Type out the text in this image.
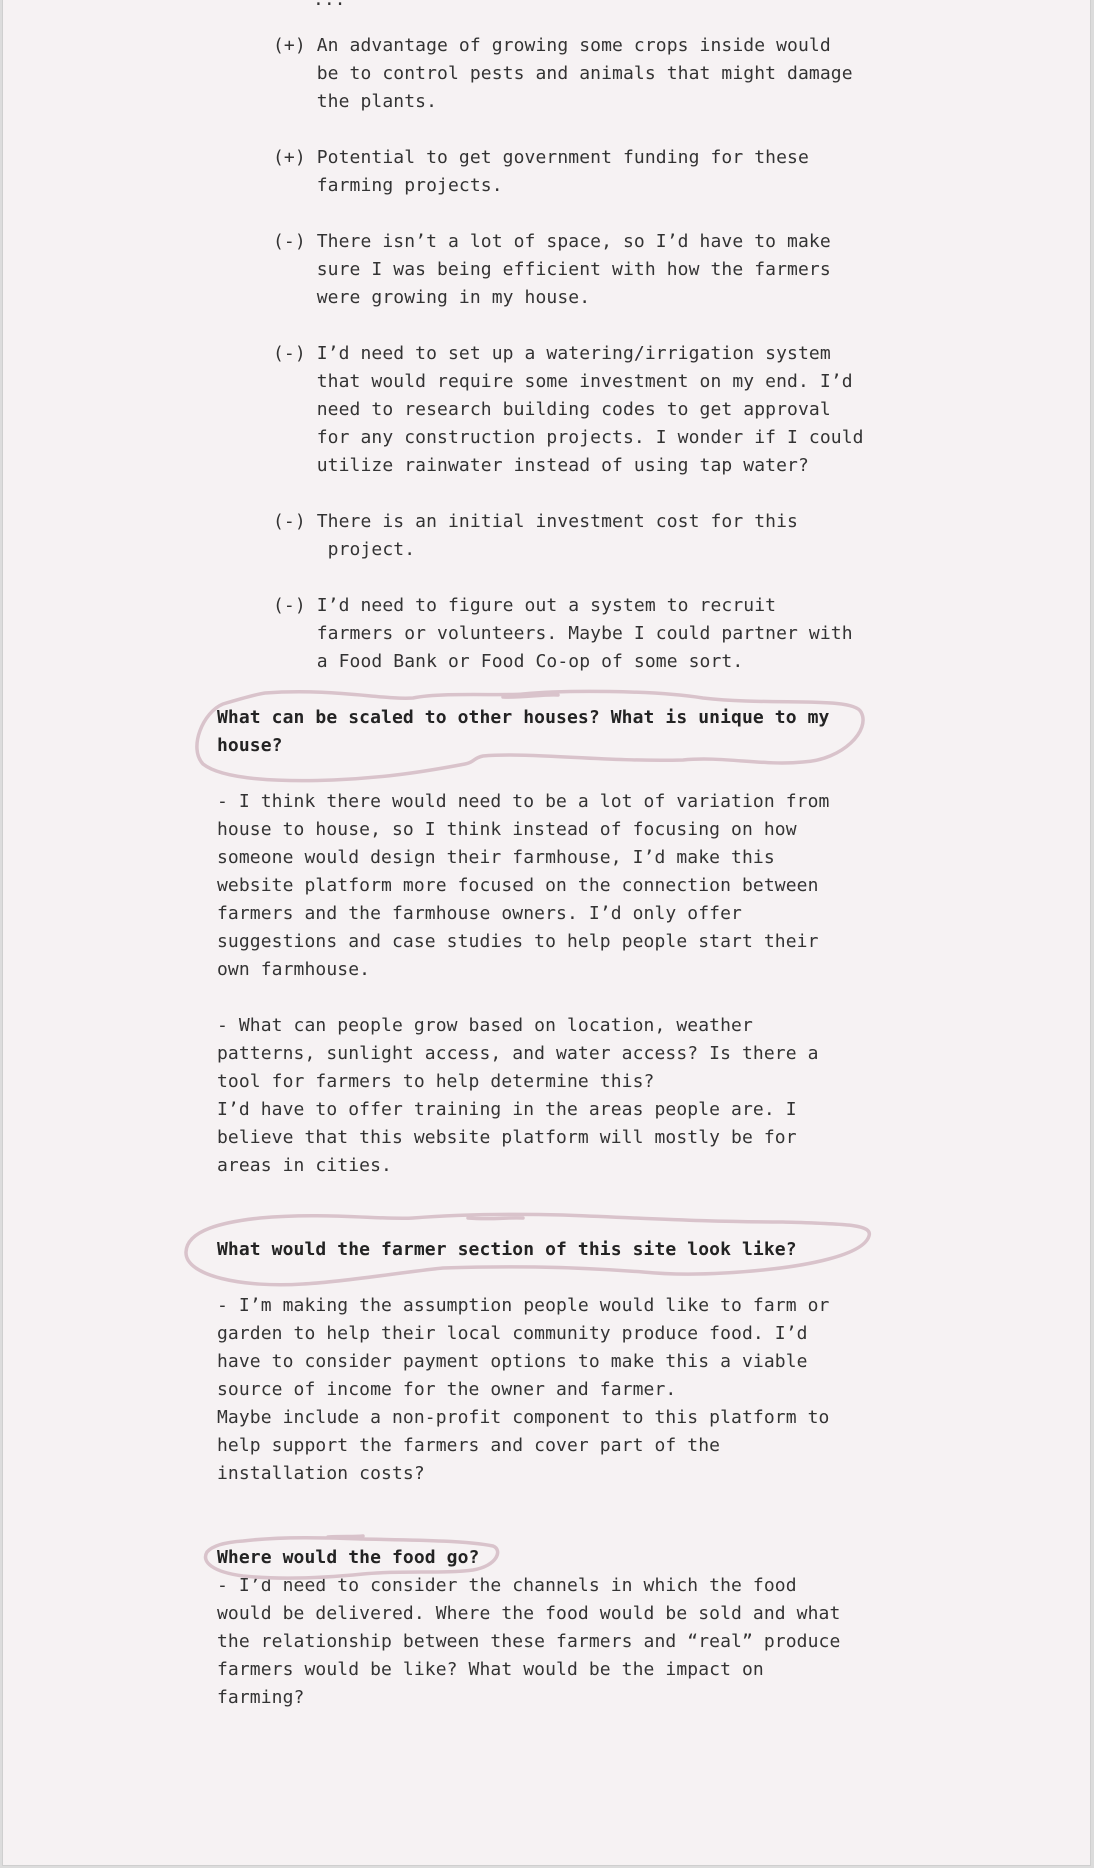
(+) An advantage of growing some crops inside would
be to control pests and animals that might damage
the plants.

(+) Potential to get government funding for these
farming projects.

(-) There isn’t a lot of space, so I’d have to make
sure I was being efficient with how the farmers
were growing in my house.

(-) I’d need to set up a watering/irrigation system
that would require some investment on my end. I’d
need to research building codes to get approval
for any construction projects. I wonder if I could
utilize rainwater instead of using tap water?

(-) There is an initial investment cost for this
project.

(-) I’d need to figure out a system to recruit
farmers or volunteers. Maybe I could partner with
a Food Bank or Food Co-op of some sort.

What can be scaled to other houses? What is unique to my
house?

- I think there would need to be a lot of variation from
house to house, so I think instead of focusing on how
someone would design their farmhouse, I’d make this
website platform more focused on the connection between
farmers and the farmhouse owners. I’d only offer
suggestions and case studies to help people start their
own farmhouse.

- What can people grow based on location, weather
patterns, sunlight access, and water access? Is there a
tool for farmers to help determine this?
I’d have to offer training in the areas people are. I
believe that this website platform will mostly be for
areas in cities.

What would the farmer section of this site look like?

- I’m making the assumption people would like to farm or
garden to help their local community produce food. I’d
have to consider payment options to make this a viable
source of income for the owner and farmer.
Maybe include a non-profit component to this platform to
help support the farmers and cover part of the
installation costs?

Where would the food go?

- I’d need to consider the channels in which the food
would be delivered. Where the food would be sold and what
the relationship between these farmers and “real” produce
farmers would be like? What would be the impact on
farming?
